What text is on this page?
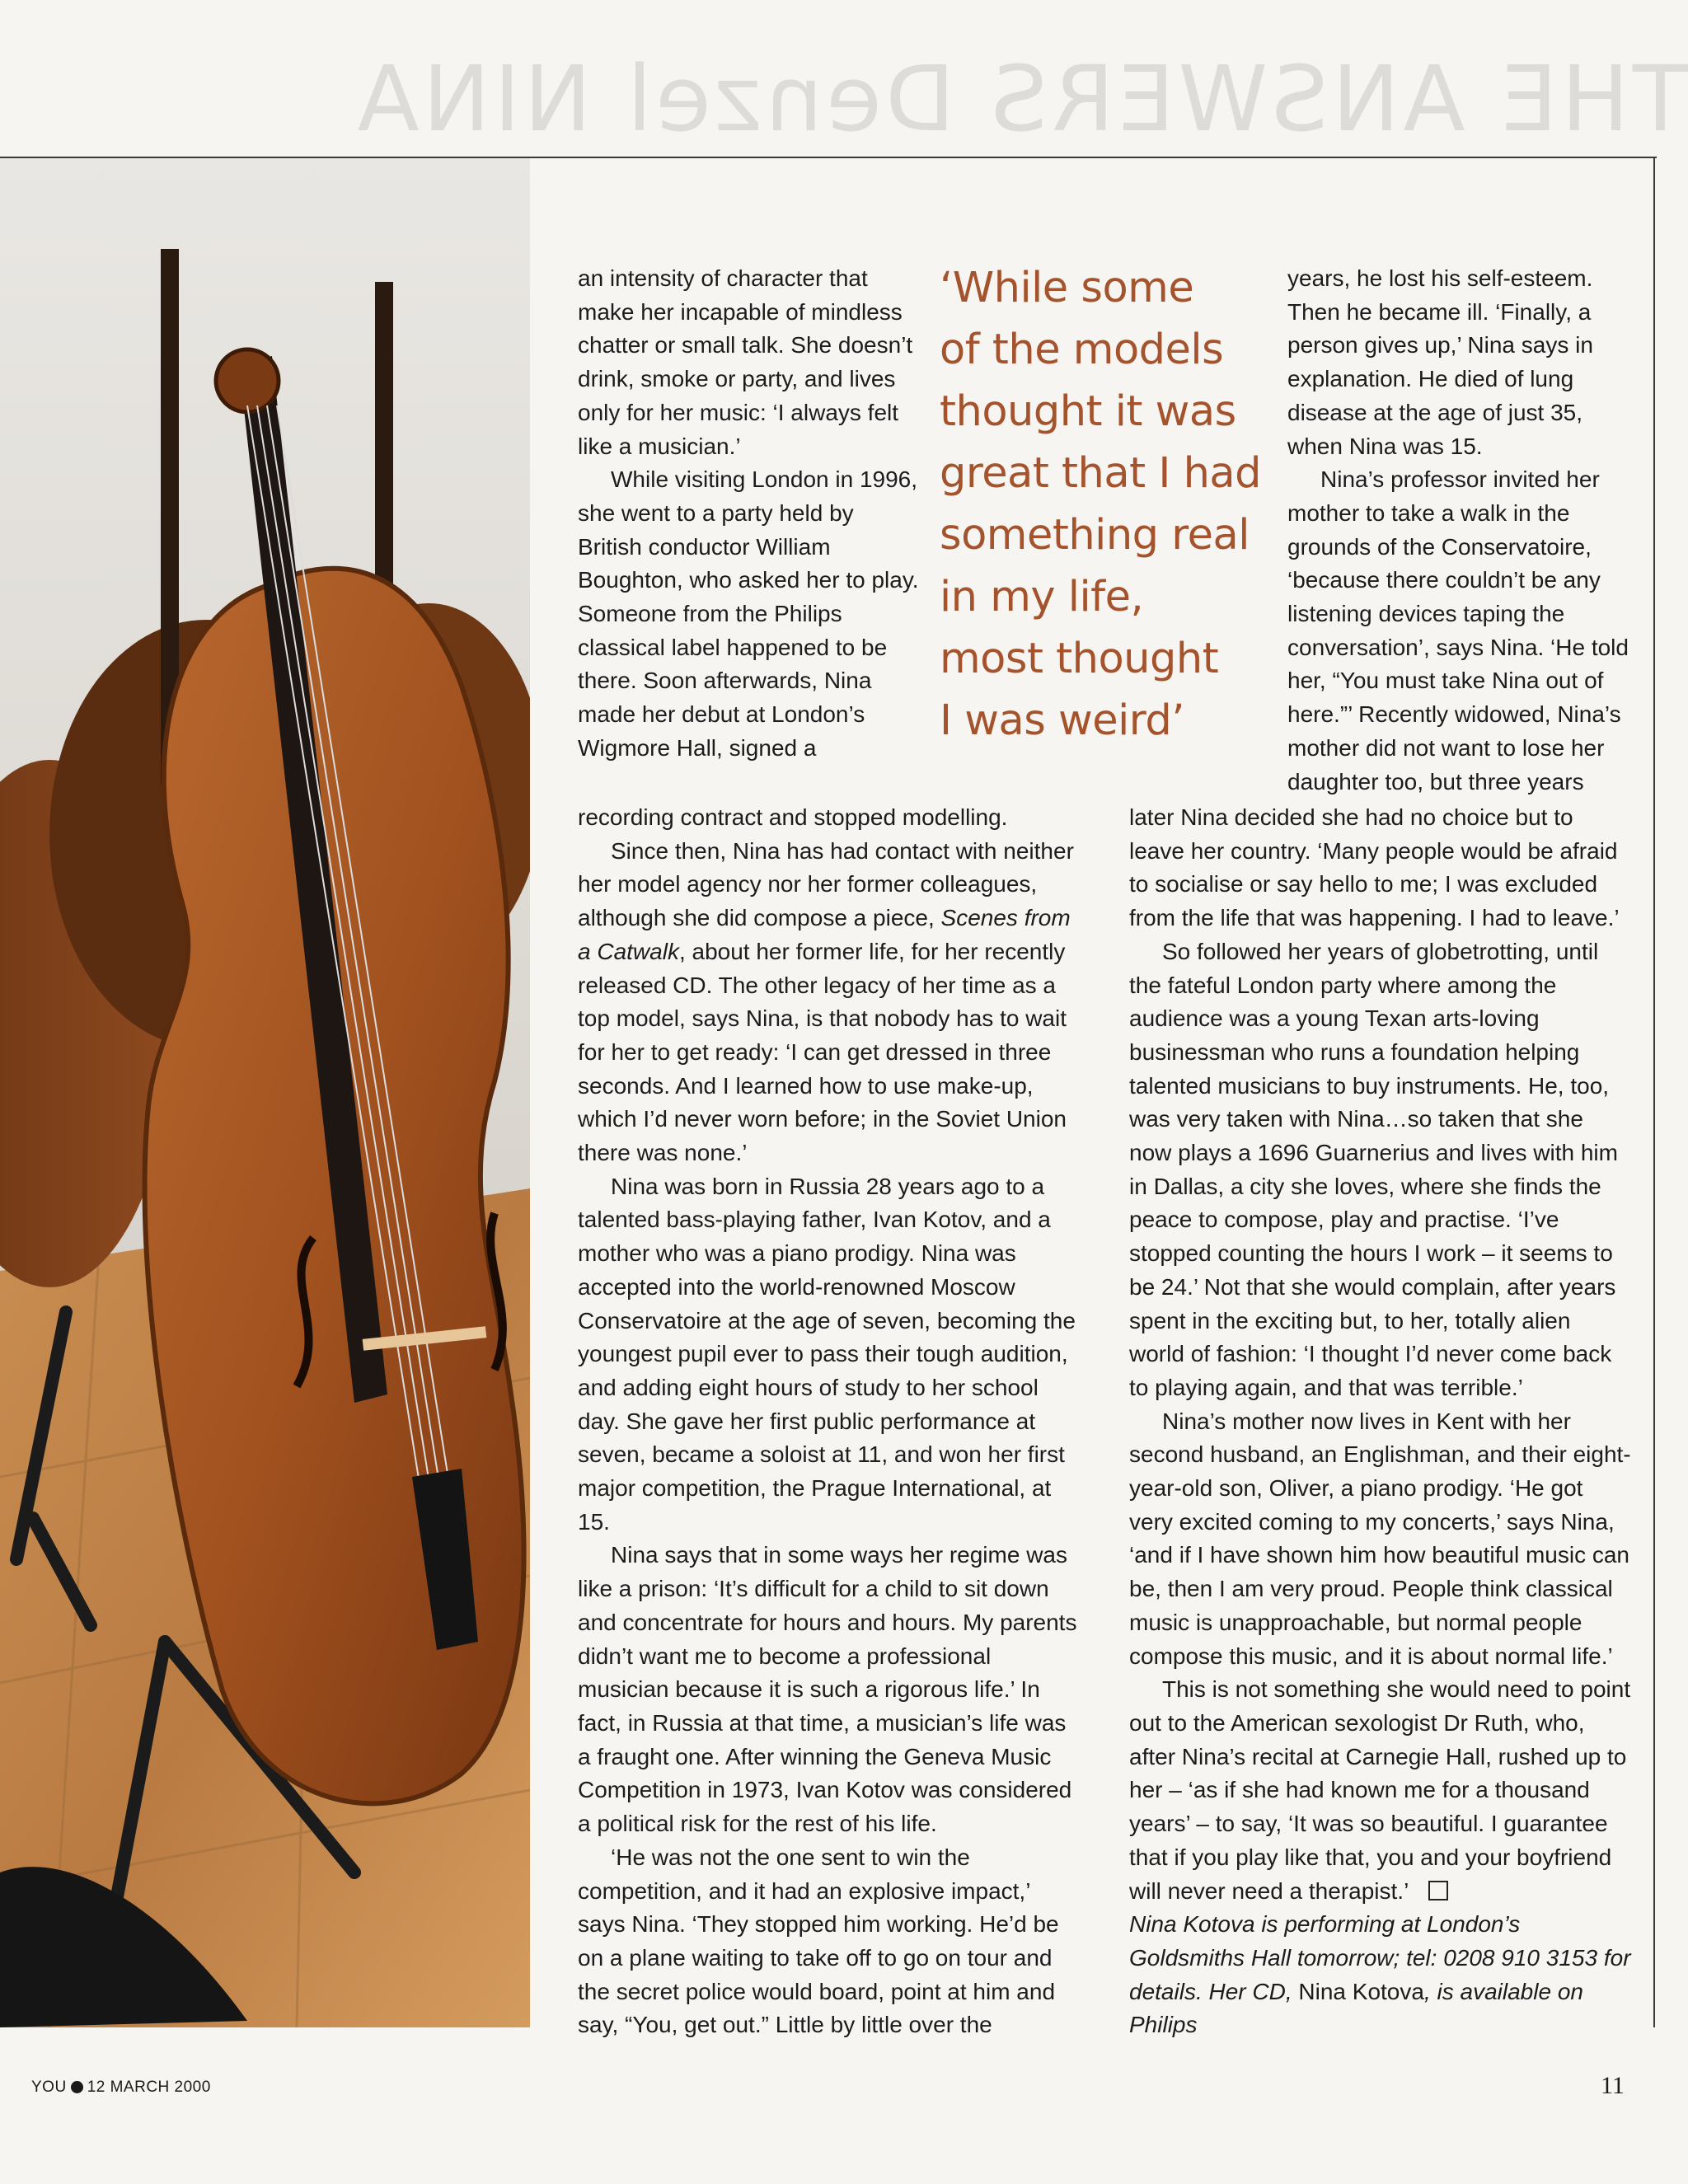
THE ANSWERS Denzel NINA

an intensity of character that make her incapable of mindless chatter or small talk. She doesn’t drink, smoke or party, and lives only for her music: ‘I always felt like a musician.’

While visiting London in 1996, she went to a party held by British conductor William Boughton, who asked her to play. Someone from the Philips classical label happened to be there. Soon afterwards, Nina made her debut at London’s Wigmore Hall, signed a

‘While some
of the models
thought it was
great that I had
something real
in my life,
most thought
I was weird’

years, he lost his self-esteem. Then he became ill. ‘Finally, a person gives up,’ Nina says in explanation. He died of lung disease at the age of just 35, when Nina was 15.

Nina’s professor invited her mother to take a walk in the grounds of the Conservatoire, ‘because there couldn’t be any listening devices taping the conversation’, says Nina. ‘He told her, “You must take Nina out of here.”’ Recently widowed, Nina’s mother did not want to lose her daughter too, but three years

recording contract and stopped modelling.

Since then, Nina has had contact with neither her model agency nor her former colleagues, although she did compose a piece, Scenes from a Catwalk, about her former life, for her recently released CD. The other legacy of her time as a top model, says Nina, is that nobody has to wait for her to get ready: ‘I can get dressed in three seconds. And I learned how to use make-up, which I’d never worn before; in the Soviet Union there was none.’

Nina was born in Russia 28 years ago to a talented bass-playing father, Ivan Kotov, and a mother who was a piano prodigy. Nina was accepted into the world-renowned Moscow Conservatoire at the age of seven, becoming the youngest pupil ever to pass their tough audition, and adding eight hours of study to her school day. She gave her first public performance at seven, became a soloist at 11, and won her first major competition, the Prague International, at 15.

Nina says that in some ways her regime was like a prison: ‘It’s difficult for a child to sit down and concentrate for hours and hours. My parents didn’t want me to become a professional musician because it is such a rigorous life.’ In fact, in Russia at that time, a musician’s life was a fraught one. After winning the Geneva Music Competition in 1973, Ivan Kotov was considered a political risk for the rest of his life.

‘He was not the one sent to win the competition, and it had an explosive impact,’ says Nina. ‘They stopped him working. He’d be on a plane waiting to take off to go on tour and the secret police would board, point at him and say, “You, get out.” Little by little over the

later Nina decided she had no choice but to leave her country. ‘Many people would be afraid to socialise or say hello to me; I was excluded from the life that was happening. I had to leave.’

So followed her years of globetrotting, until the fateful London party where among the audience was a young Texan arts-loving businessman who runs a foundation helping talented musicians to buy instruments. He, too, was very taken with Nina…so taken that she now plays a 1696 Guarnerius and lives with him in Dallas, a city she loves, where she finds the peace to compose, play and practise. ‘I’ve stopped counting the hours I work – it seems to be 24.’ Not that she would complain, after years spent in the exciting but, to her, totally alien world of fashion: ‘I thought I’d never come back to playing again, and that was terrible.’

Nina’s mother now lives in Kent with her second husband, an Englishman, and their eight-year-old son, Oliver, a piano prodigy. ‘He got very excited coming to my concerts,’ says Nina, ‘and if I have shown him how beautiful music can be, then I am very proud. People think classical music is unapproachable, but normal people compose this music, and it is about normal life.’

This is not something she would need to point out to the American sexologist Dr Ruth, who, after Nina’s recital at Carnegie Hall, rushed up to her – ‘as if she had known me for a thousand years’ – to say, ‘It was so beautiful. I guarantee that if you play like that, you and your boyfriend will never need a therapist.’

Nina Kotova is performing at London’s Goldsmiths Hall tomorrow; tel: 0208 910 3153 for details. Her CD, Nina Kotova, is available on Philips

YOU 12 MARCH 2000	11
